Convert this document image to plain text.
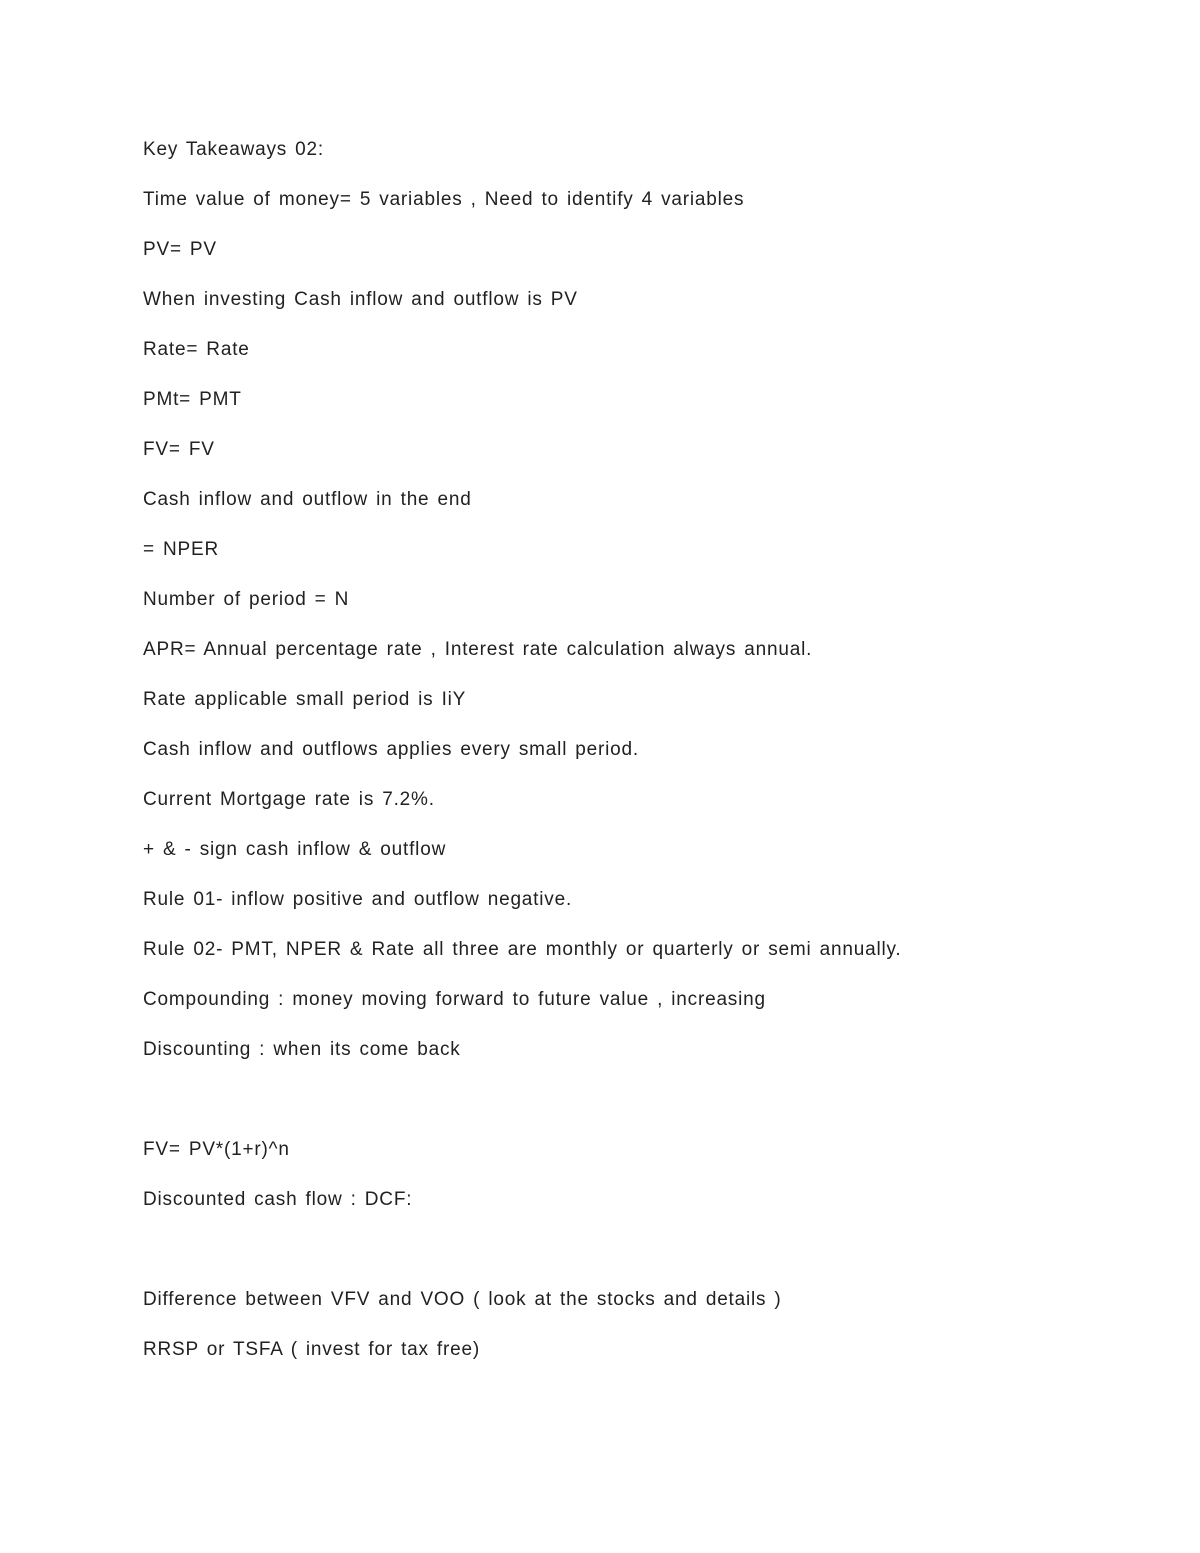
Key Takeaways 02:

Time value of money= 5 variables , Need to identify 4 variables

PV= PV

When investing Cash inflow and outflow is PV

Rate= Rate

PMt= PMT

FV= FV

Cash inflow and outflow in the end

= NPER

Number of period = N

APR= Annual percentage rate , Interest rate calculation always annual.

Rate applicable small period is IiY

Cash inflow and outflows applies every small period.

Current Mortgage rate is 7.2%.

+ & - sign cash inflow & outflow

Rule 01- inflow positive and outflow negative.

Rule 02- PMT, NPER & Rate all three are monthly or quarterly or semi annually.

Compounding : money moving forward to future value , increasing

Discounting : when its come back

FV= PV*(1+r)^n

Discounted cash flow : DCF:

Difference between VFV and VOO ( look at the stocks and details )

RRSP or TSFA ( invest for tax free)
